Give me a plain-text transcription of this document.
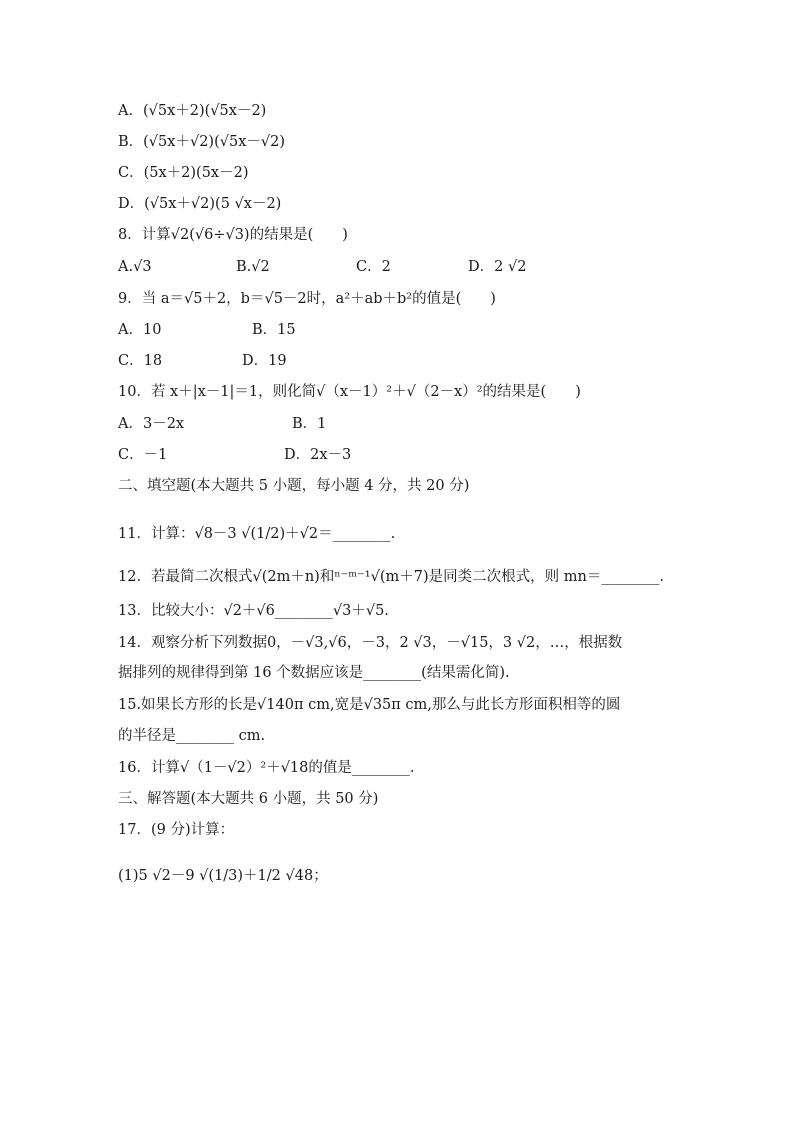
A．(√5x＋2)(√5x－2)
B．(√5x＋√2)(√5x－√2)
C．(5x＋2)(5x－2)
D．(√5x＋√2)(5 √x－2)
8．计算√2(√6÷√3)的结果是(　　)
A.√3	B.√2	C．2	D．2 √2
9．当 a＝√5＋2，b＝√5－2时，a²＋ab＋b²的值是(　　)
A．10	B．15
C．18	D．19
10．若 x＋|x－1|＝1，则化简√（x－1）²＋√（2－x）²的结果是(　　)
A．3－2x	B．1
C．－1	D．2x－3
二、填空题(本大题共 5 小题，每小题 4 分，共 20 分)
11．计算：√8－3 √(1/2)＋√2＝________.
12．若最简二次根式√(2m＋n)和ⁿ⁻ᵐ⁻¹√(m＋7)是同类二次根式，则 mn＝________.
13．比较大小：√2＋√6________√3＋√5.
14．观察分析下列数据0，－√3,√6，－3，2 √3，－√15，3 √2，…，根据数
据排列的规律得到第 16 个数据应该是________(结果需化简).
15.如果长方形的长是√140π cm,宽是√35π cm,那么与此长方形面积相等的圆
的半径是________ cm.
16．计算√（1－√2）²＋√18的值是________.
三、解答题(本大题共 6 小题，共 50 分)
17．(9 分)计算：
(1)5 √2－9 √(1/3)＋1/2 √48；
